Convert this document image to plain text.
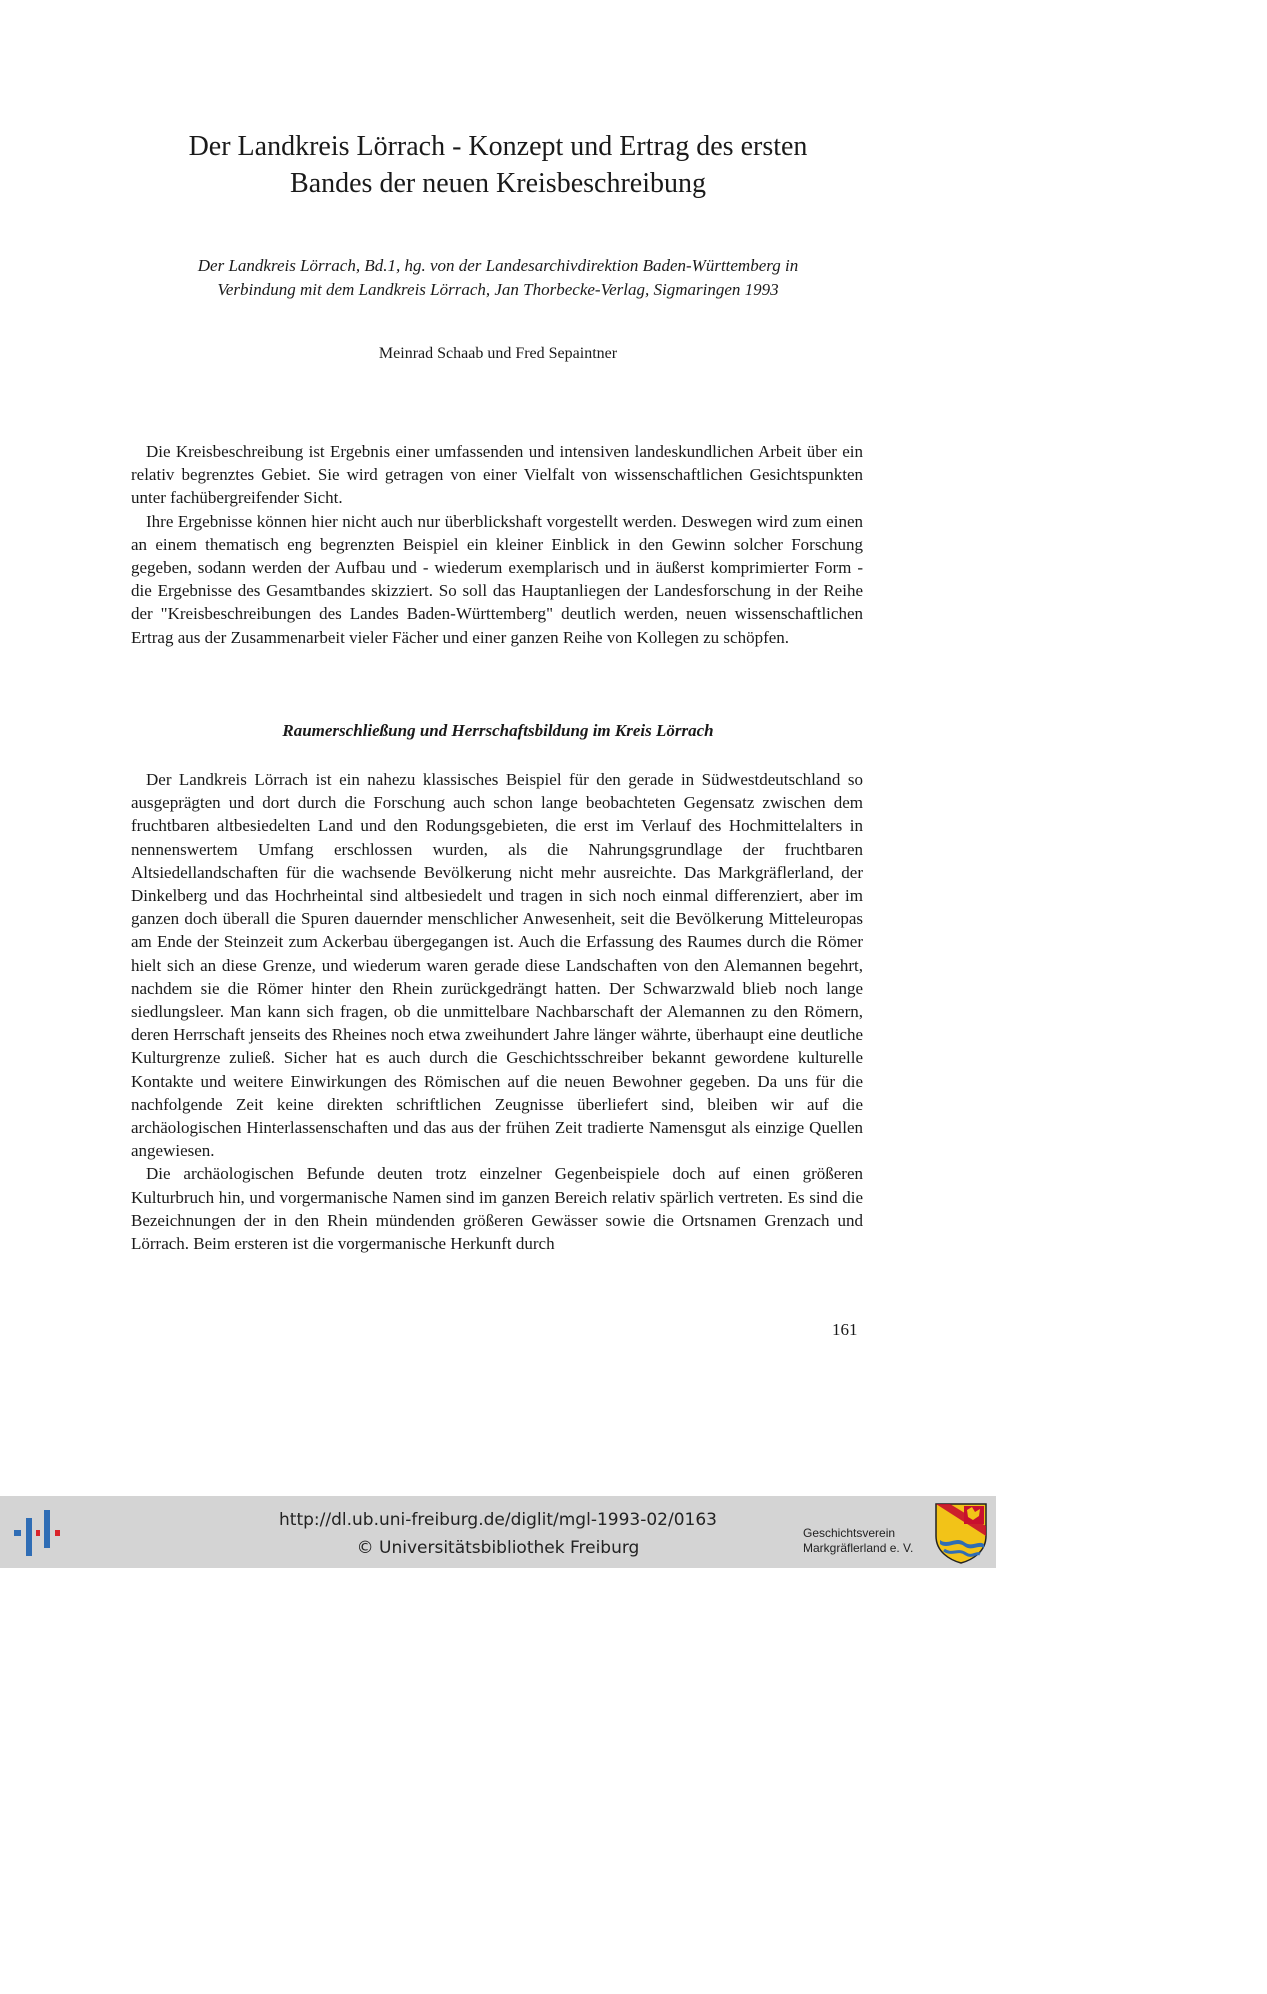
Der Landkreis Lörrach - Konzept und Ertrag des ersten
Bandes der neuen Kreisbeschreibung

Der Landkreis Lörrach, Bd.1, hg. von der Landesarchivdirektion Baden-Württemberg in
Verbindung mit dem Landkreis Lörrach, Jan Thorbecke-Verlag, Sigmaringen 1993

Meinrad Schaab und Fred Sepaintner

Die Kreisbeschreibung ist Ergebnis einer umfassenden und intensiven landeskundlichen Arbeit über ein relativ begrenztes Gebiet. Sie wird getragen von einer Vielfalt von wissenschaftlichen Gesichtspunkten unter fachübergreifender Sicht.

Ihre Ergebnisse können hier nicht auch nur überblickshaft vorgestellt werden. Deswegen wird zum einen an einem thematisch eng begrenzten Beispiel ein kleiner Einblick in den Gewinn solcher Forschung gegeben, sodann werden der Aufbau und - wiederum exemplarisch und in äußerst komprimierter Form - die Ergebnisse des Gesamtbandes skizziert. So soll das Hauptanliegen der Landesforschung in der Reihe der "Kreisbeschreibungen des Landes Baden-Württemberg" deutlich werden, neuen wissenschaftlichen Ertrag aus der Zusammenarbeit vieler Fächer und einer ganzen Reihe von Kollegen zu schöpfen.

Raumerschließung und Herrschaftsbildung im Kreis Lörrach

Der Landkreis Lörrach ist ein nahezu klassisches Beispiel für den gerade in Südwestdeutschland so ausgeprägten und dort durch die Forschung auch schon lange beobachteten Gegensatz zwischen dem fruchtbaren altbesiedelten Land und den Rodungsgebieten, die erst im Verlauf des Hochmittelalters in nennenswertem Umfang erschlossen wurden, als die Nahrungsgrundlage der fruchtbaren Altsiedellandschaften für die wachsende Bevölkerung nicht mehr ausreichte. Das Markgräflerland, der Dinkelberg und das Hochrheintal sind altbesiedelt und tragen in sich noch einmal differenziert, aber im ganzen doch überall die Spuren dauernder menschlicher Anwesenheit, seit die Bevölkerung Mitteleuropas am Ende der Steinzeit zum Ackerbau übergegangen ist. Auch die Erfassung des Raumes durch die Römer hielt sich an diese Grenze, und wiederum waren gerade diese Landschaften von den Alemannen begehrt, nachdem sie die Römer hinter den Rhein zurückgedrängt hatten. Der Schwarzwald blieb noch lange siedlungsleer. Man kann sich fragen, ob die unmittelbare Nachbarschaft der Alemannen zu den Römern, deren Herrschaft jenseits des Rheines noch etwa zweihundert Jahre länger währte, überhaupt eine deutliche Kulturgrenze zuließ. Sicher hat es auch durch die Geschichtsschreiber bekannt gewordene kulturelle Kontakte und weitere Einwirkungen des Römischen auf die neuen Bewohner gegeben. Da uns für die nachfolgende Zeit keine direkten schriftlichen Zeugnisse überliefert sind, bleiben wir auf die archäologischen Hinterlassenschaften und das aus der frühen Zeit tradierte Namensgut als einzige Quellen angewiesen.

Die archäologischen Befunde deuten trotz einzelner Gegenbeispiele doch auf einen größeren Kulturbruch hin, und vorgermanische Namen sind im ganzen Bereich relativ spärlich vertreten. Es sind die Bezeichnungen der in den Rhein mündenden größeren Gewässer sowie die Ortsnamen Grenzach und Lörrach. Beim ersteren ist die vorgermanische Herkunft durch

161

http://dl.ub.uni-freiburg.de/diglit/mgl-1993-02/0163
© Universitätsbibliothek Freiburg
Geschichtsverein
Markgräflerland e. V.
